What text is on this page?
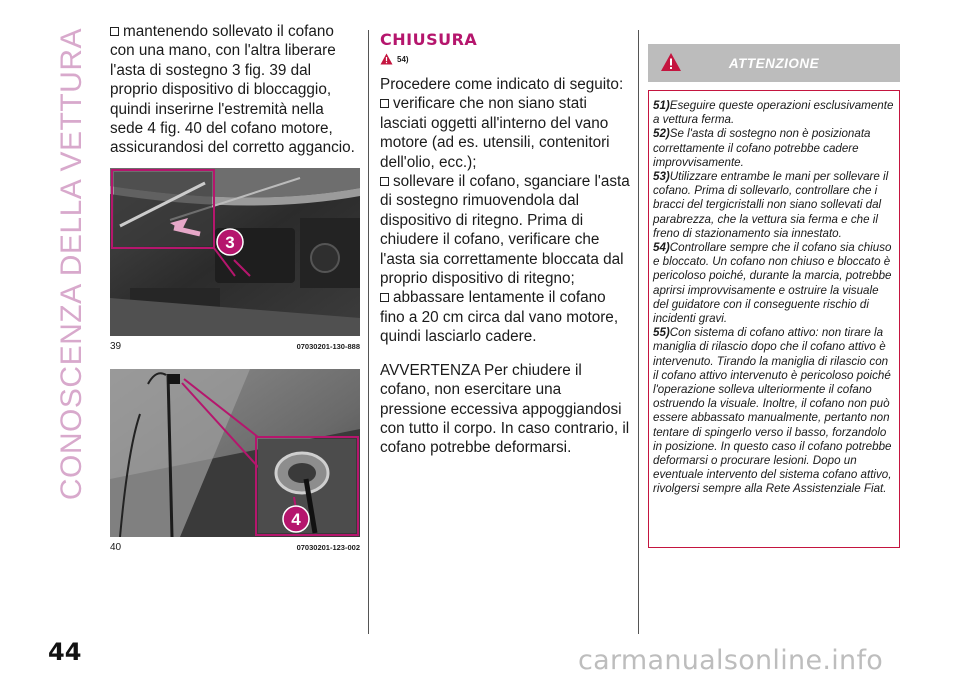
CONOSCENZA DELLA VETTURA	mantenendo sollevato il cofano con una mano, con l'altra liberare l'asta di sostegno 3 fig. 39 dal proprio dispositivo di bloccaggio, quindi inserirne l'estremità nella sede 4 fig. 40 del cofano motore, assicurandosi del corretto aggancio.

3
39	07030201-130-888
4
40	07030201-123-002
CHIUSURA
54)

Procedere come indicato di seguito:

verificare che non siano stati lasciati oggetti all'interno del vano motore (ad es. utensili, contenitori dell'olio, ecc.);

sollevare il cofano, sganciare l'asta di sostegno rimuovendola dal dispositivo di ritegno. Prima di chiudere il cofano, verificare che l'asta sia correttamente bloccata dal proprio dispositivo di ritegno;

abbassare lentamente il cofano fino a 20 cm circa dal vano motore, quindi lasciarlo cadere.

AVVERTENZA Per chiudere il cofano, non esercitare una pressione eccessiva appoggiandosi con tutto il corpo. In caso contrario, il cofano potrebbe deformarsi.

ATTENZIONE

51)Eseguire queste operazioni esclusivamente a vettura ferma.

52)Se l'asta di sostegno non è posizionata correttamente il cofano potrebbe cadere improvvisamente.

53)Utilizzare entrambe le mani per sollevare il cofano. Prima di sollevarlo, controllare che i bracci del tergicristalli non siano sollevati dal parabrezza, che la vettura sia ferma e che il freno di stazionamento sia innestato.

54)Controllare sempre che il cofano sia chiuso e bloccato. Un cofano non chiuso e bloccato è pericoloso poiché, durante la marcia, potrebbe aprirsi improvvisamente e ostruire la visuale del guidatore con il conseguente rischio di incidenti gravi.

55)Con sistema di cofano attivo: non tirare la maniglia di rilascio dopo che il cofano attivo è intervenuto. Tirando la maniglia di rilascio con il cofano attivo intervenuto è pericoloso poiché l'operazione solleva ulteriormente il cofano ostruendo la visuale. Inoltre, il cofano non può essere abbassato manualmente, pertanto non tentare di spingerlo verso il basso, forzandolo in posizione. In questo caso il cofano potrebbe deformarsi o procurare lesioni. Dopo un eventuale intervento del sistema cofano attivo, rivolgersi sempre alla Rete Assistenziale Fiat.

44	carmanualsonline.info
